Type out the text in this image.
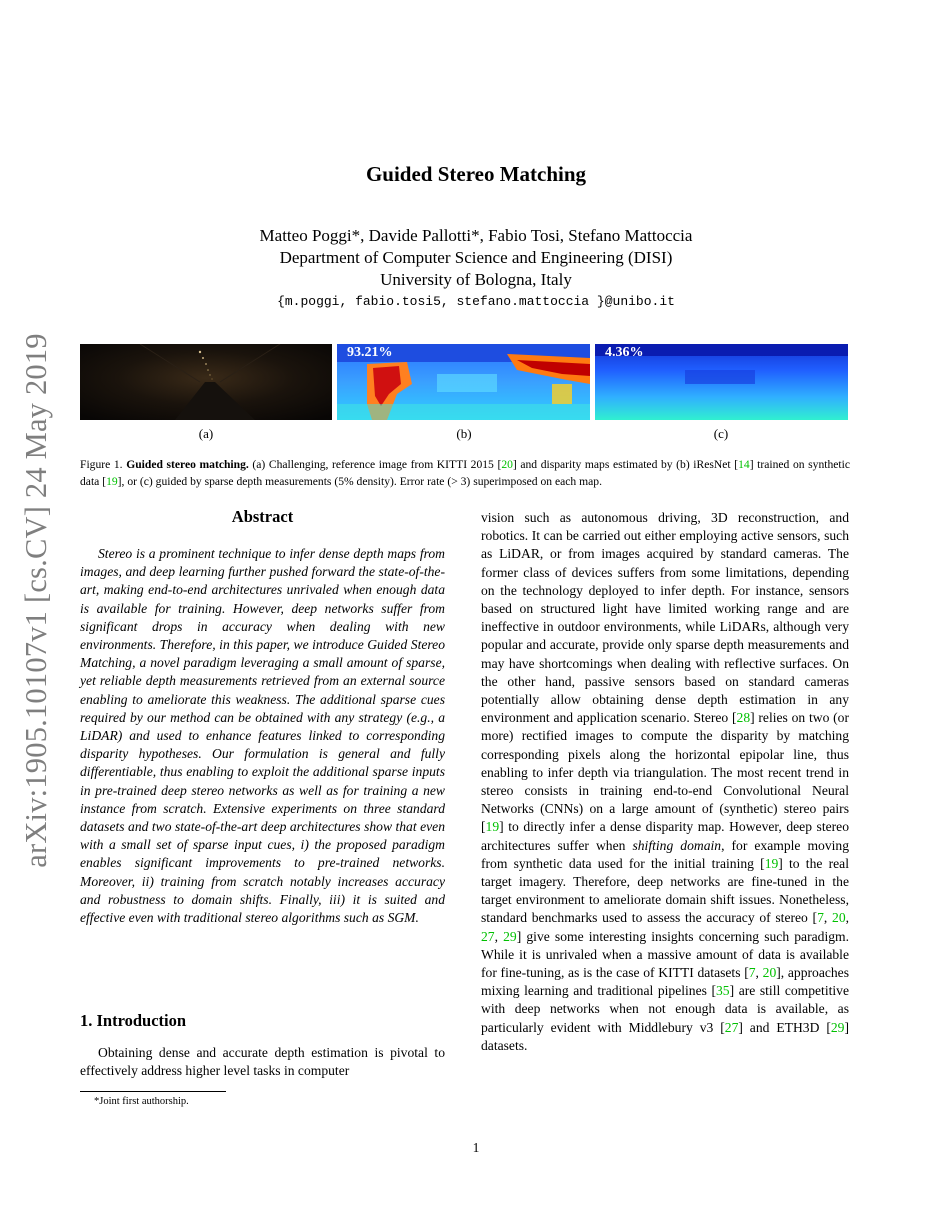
arXiv:1905.10107v1 [cs.CV] 24 May 2019
Guided Stereo Matching
Matteo Poggi*, Davide Pallotti*, Fabio Tosi, Stefano Mattoccia
Department of Computer Science and Engineering (DISI)
University of Bologna, Italy
{m.poggi, fabio.tosi5, stefano.mattoccia }@unibo.it
93.21%	4.36%
(a)	(b)	(c)
Figure 1. Guided stereo matching. (a) Challenging, reference image from KITTI 2015 [20] and disparity maps estimated by (b) iResNet [14] trained on synthetic data [19], or (c) guided by sparse depth measurements (5% density). Error rate (> 3) superimposed on each map.
Abstract

Stereo is a prominent technique to infer dense depth maps from images, and deep learning further pushed forward the state-of-the-art, making end-to-end architectures unrivaled when enough data is available for training. However, deep networks suffer from significant drops in accuracy when dealing with new environments. Therefore, in this paper, we introduce Guided Stereo Matching, a novel paradigm leveraging a small amount of sparse, yet reliable depth measurements retrieved from an external source enabling to ameliorate this weakness. The additional sparse cues required by our method can be obtained with any strategy (e.g., a LiDAR) and used to enhance features linked to corresponding disparity hypotheses. Our formulation is general and fully differentiable, thus enabling to exploit the additional sparse inputs in pre-trained deep stereo networks as well as for training a new instance from scratch. Extensive experiments on three standard datasets and two state-of-the-art deep architectures show that even with a small set of sparse input cues, i) the proposed paradigm enables significant improvements to pre-trained networks. Moreover, ii) training from scratch notably increases accuracy and robustness to domain shifts. Finally, iii) it is suited and effective even with traditional stereo algorithms such as SGM.

1. Introduction

Obtaining dense and accurate depth estimation is pivotal to effectively address higher level tasks in computer

*Joint first authorship.

vision such as autonomous driving, 3D reconstruction, and robotics. It can be carried out either employing active sensors, such as LiDAR, or from images acquired by standard cameras. The former class of devices suffers from some limitations, depending on the technology deployed to infer depth. For instance, sensors based on structured light have limited working range and are ineffective in outdoor environments, while LiDARs, although very popular and accurate, provide only sparse depth measurements and may have shortcomings when dealing with reflective surfaces. On the other hand, passive sensors based on standard cameras potentially allow obtaining dense depth estimation in any environment and application scenario. Stereo [28] relies on two (or more) rectified images to compute the disparity by matching corresponding pixels along the horizontal epipolar line, thus enabling to infer depth via triangulation. The most recent trend in stereo consists in training end-to-end Convolutional Neural Networks (CNNs) on a large amount of (synthetic) stereo pairs [19] to directly infer a dense disparity map. However, deep stereo architectures suffer when shifting domain, for example moving from synthetic data used for the initial training [19] to the real target imagery. Therefore, deep networks are fine-tuned in the target environment to ameliorate domain shift issues. Nonetheless, standard benchmarks used to assess the accuracy of stereo [7, 20, 27, 29] give some interesting insights concerning such paradigm. While it is unrivaled when a massive amount of data is available for fine-tuning, as is the case of KITTI datasets [7, 20], approaches mixing learning and traditional pipelines [35] are still competitive with deep networks when not enough data is available, as particularly evident with Middlebury v3 [27] and ETH3D [29] datasets.

1
